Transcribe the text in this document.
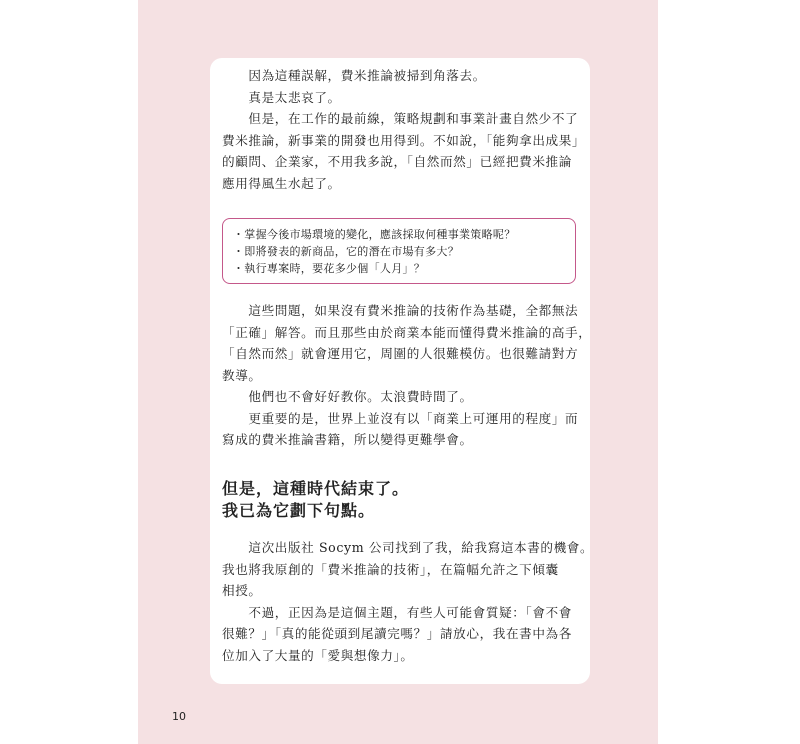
　　因為這種誤解，費米推論被掃到角落去。
　　真是太悲哀了。
　　但是，在工作的最前線，策略規劃和事業計畫自然少不了
費米推論，新事業的開發也用得到。不如說，「能夠拿出成果」
的顧問、企業家，不用我多說，「自然而然」已經把費米推論
應用得風生水起了。
・掌握今後市場環境的變化，應該採取何種事業策略呢？
・即將發表的新商品，它的潛在市場有多大？
・執行專案時，要花多少個「人月」？
　　這些問題，如果沒有費米推論的技術作為基礎，全都無法
「正確」解答。而且那些由於商業本能而懂得費米推論的高手，
「自然而然」就會運用它，周圍的人很難模仿。也很難請對方
教導。
　　他們也不會好好教你。太浪費時間了。
　　更重要的是，世界上並沒有以「商業上可運用的程度」而
寫成的費米推論書籍，所以變得更難學會。
但是，這種時代結束了。
我已為它劃下句點。
　　這次出版社 Socym 公司找到了我，給我寫這本書的機會。
我也將我原創的「費米推論的技術」，在篇幅允許之下傾囊
相授。
　　不過，正因為是這個主題，有些人可能會質疑：「會不會
很難？」「真的能從頭到尾讀完嗎？」請放心，我在書中為各
位加入了大量的「愛與想像力」。
10
